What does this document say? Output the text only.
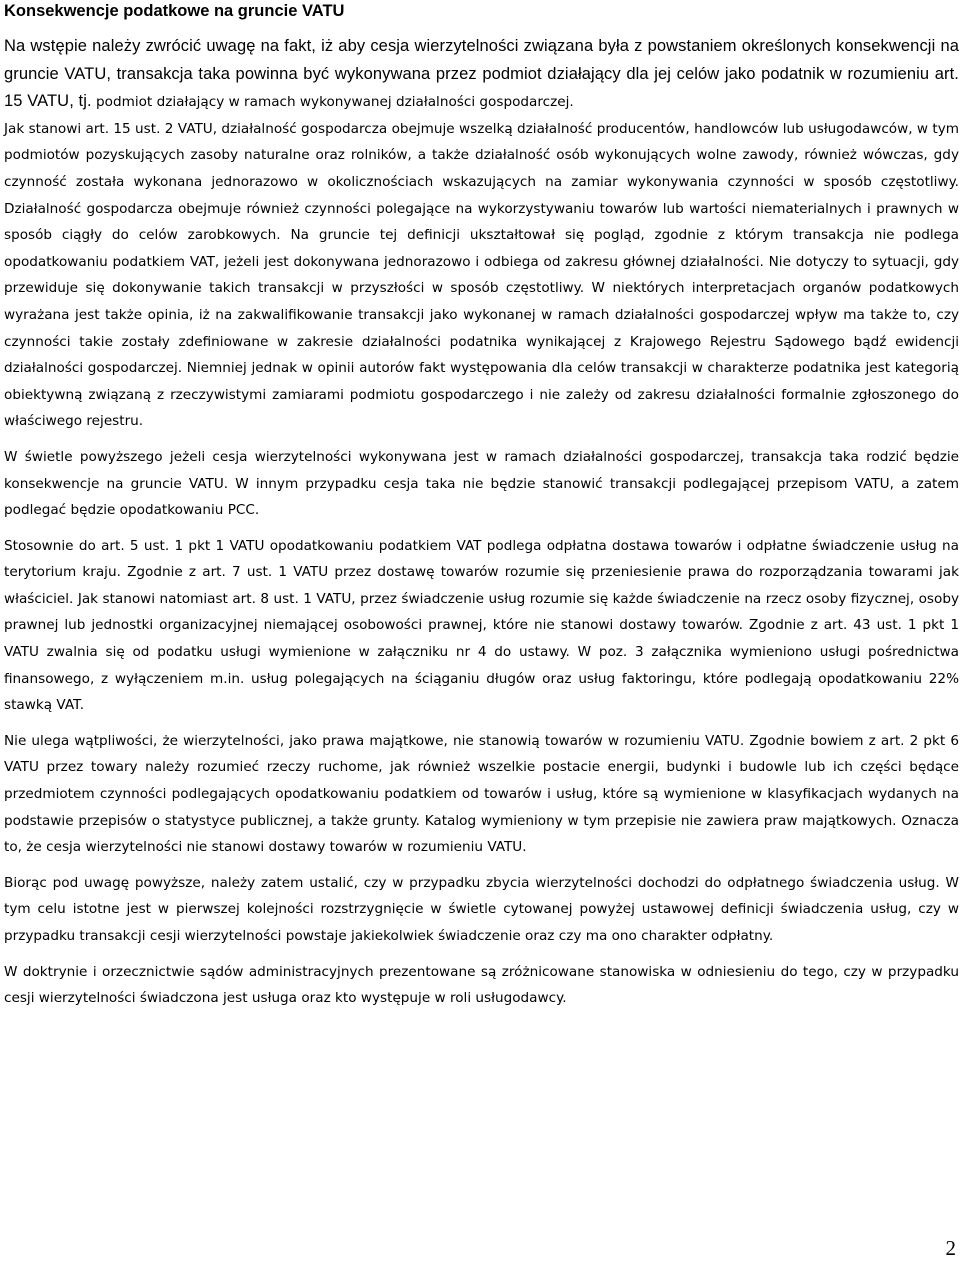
Konsekwencje podatkowe na gruncie VATU

Na wstępie należy zwrócić uwagę na fakt, iż aby cesja wierzytelności związana była z powstaniem określonych konsekwencji na gruncie VATU, transakcja taka powinna być wykonywana przez podmiot działający dla jej celów jako podatnik w rozumieniu art. 15 VATU, tj. podmiot działający w ramach wykonywanej działalności gospodarczej.

Jak stanowi art. 15 ust. 2 VATU, działalność gospodarcza obejmuje wszelką działalność producentów, handlowców lub usługodawców, w tym podmiotów pozyskujących zasoby naturalne oraz rolników, a także działalność osób wykonujących wolne zawody, również wówczas, gdy czynność została wykonana jednorazowo w okolicznościach wskazujących na zamiar wykonywania czynności w sposób częstotliwy. Działalność gospodarcza obejmuje również czynności polegające na wykorzystywaniu towarów lub wartości niematerialnych i prawnych w sposób ciągły do celów zarobkowych. Na gruncie tej definicji ukształtował się pogląd, zgodnie z którym transakcja nie podlega opodatkowaniu podatkiem VAT, jeżeli jest dokonywana jednorazowo i odbiega od zakresu głównej działalności. Nie dotyczy to sytuacji, gdy przewiduje się dokonywanie takich transakcji w przyszłości w sposób częstotliwy. W niektórych interpretacjach organów podatkowych wyrażana jest także opinia, iż na zakwalifikowanie transakcji jako wykonanej w ramach działalności gospodarczej wpływ ma także to, czy czynności takie zostały zdefiniowane w zakresie działalności podatnika wynikającej z Krajowego Rejestru Sądowego bądź ewidencji działalności gospodarczej. Niemniej jednak w opinii autorów fakt występowania dla celów transakcji w charakterze podatnika jest kategorią obiektywną związaną z rzeczywistymi zamiarami podmiotu gospodarczego i nie zależy od zakresu działalności formalnie zgłoszonego do właściwego rejestru.

W świetle powyższego jeżeli cesja wierzytelności wykonywana jest w ramach działalności gospodarczej, transakcja taka rodzić będzie konsekwencje na gruncie VATU. W innym przypadku cesja taka nie będzie stanowić transakcji podlegającej przepisom VATU, a zatem podlegać będzie opodatkowaniu PCC.

Stosownie do art. 5 ust. 1 pkt 1 VATU opodatkowaniu podatkiem VAT podlega odpłatna dostawa towarów i odpłatne świadczenie usług na terytorium kraju. Zgodnie z art. 7 ust. 1 VATU przez dostawę towarów rozumie się przeniesienie prawa do rozporządzania towarami jak właściciel. Jak stanowi natomiast art. 8 ust. 1 VATU, przez świadczenie usług rozumie się każde świadczenie na rzecz osoby fizycznej, osoby prawnej lub jednostki organizacyjnej niemającej osobowości prawnej, które nie stanowi dostawy towarów. Zgodnie z art. 43 ust. 1 pkt 1 VATU zwalnia się od podatku usługi wymienione w załączniku nr 4 do ustawy. W poz. 3 załącznika wymieniono usługi pośrednictwa finansowego, z wyłączeniem m.in. usług polegających na ściąganiu długów oraz usług faktoringu, które podlegają opodatkowaniu 22% stawką VAT.

Nie ulega wątpliwości, że wierzytelności, jako prawa majątkowe, nie stanowią towarów w rozumieniu VATU. Zgodnie bowiem z art. 2 pkt 6 VATU przez towary należy rozumieć rzeczy ruchome, jak również wszelkie postacie energii, budynki i budowle lub ich części będące przedmiotem czynności podlegających opodatkowaniu podatkiem od towarów i usług, które są wymienione w klasyfikacjach wydanych na podstawie przepisów o statystyce publicznej, a także grunty. Katalog wymieniony w tym przepisie nie zawiera praw majątkowych. Oznacza to, że cesja wierzytelności nie stanowi dostawy towarów w rozumieniu VATU.

Biorąc pod uwagę powyższe, należy zatem ustalić, czy w przypadku zbycia wierzytelności dochodzi do odpłatnego świadczenia usług. W tym celu istotne jest w pierwszej kolejności rozstrzygnięcie w świetle cytowanej powyżej ustawowej definicji świadczenia usług, czy w przypadku transakcji cesji wierzytelności powstaje jakiekolwiek świadczenie oraz czy ma ono charakter odpłatny.

W doktrynie i orzecznictwie sądów administracyjnych prezentowane są zróżnicowane stanowiska w odniesieniu do tego, czy w przypadku cesji wierzytelności świadczona jest usługa oraz kto występuje w roli usługodawcy.

2
